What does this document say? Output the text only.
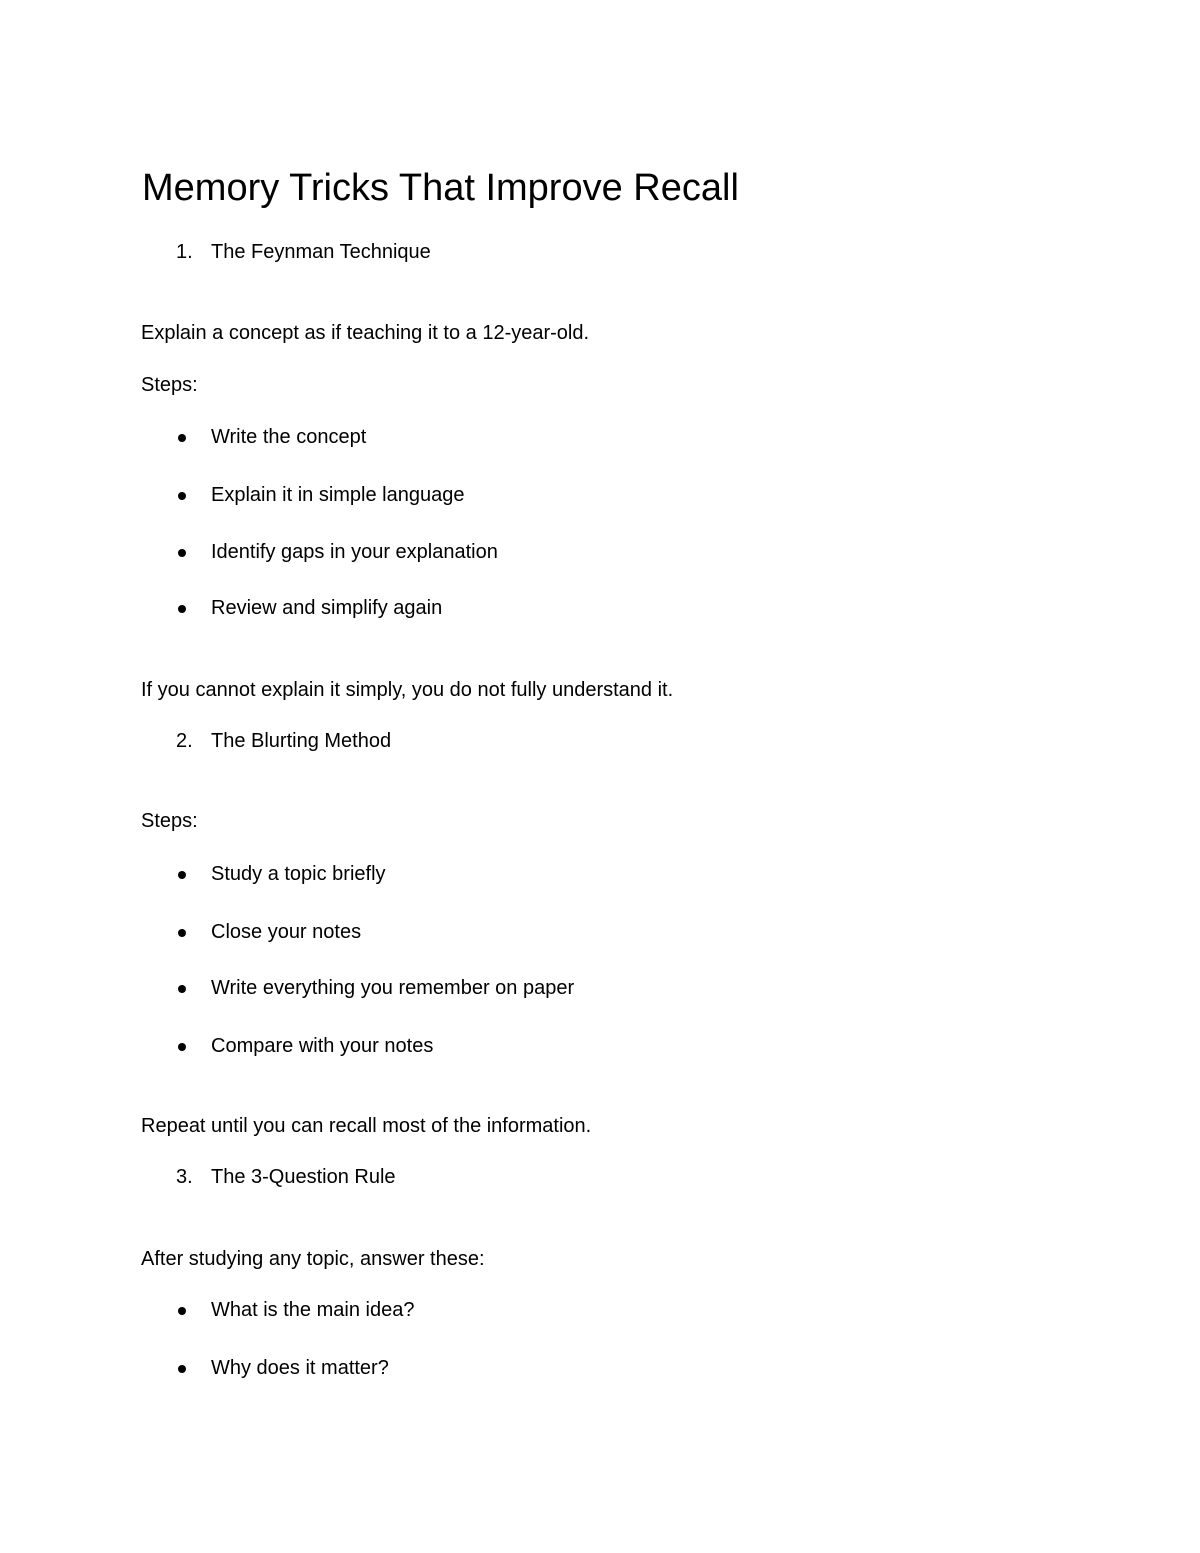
Memory Tricks That Improve Recall
1. The Feynman Technique

Explain a concept as if teaching it to a 12-year-old.

Steps:

Write the concept

Explain it in simple language

Identify gaps in your explanation

Review and simplify again

If you cannot explain it simply, you do not fully understand it.

2. The Blurting Method

Steps:

Study a topic briefly

Close your notes

Write everything you remember on paper

Compare with your notes

Repeat until you can recall most of the information.

3. The 3-Question Rule

After studying any topic, answer these:

What is the main idea?

Why does it matter?
